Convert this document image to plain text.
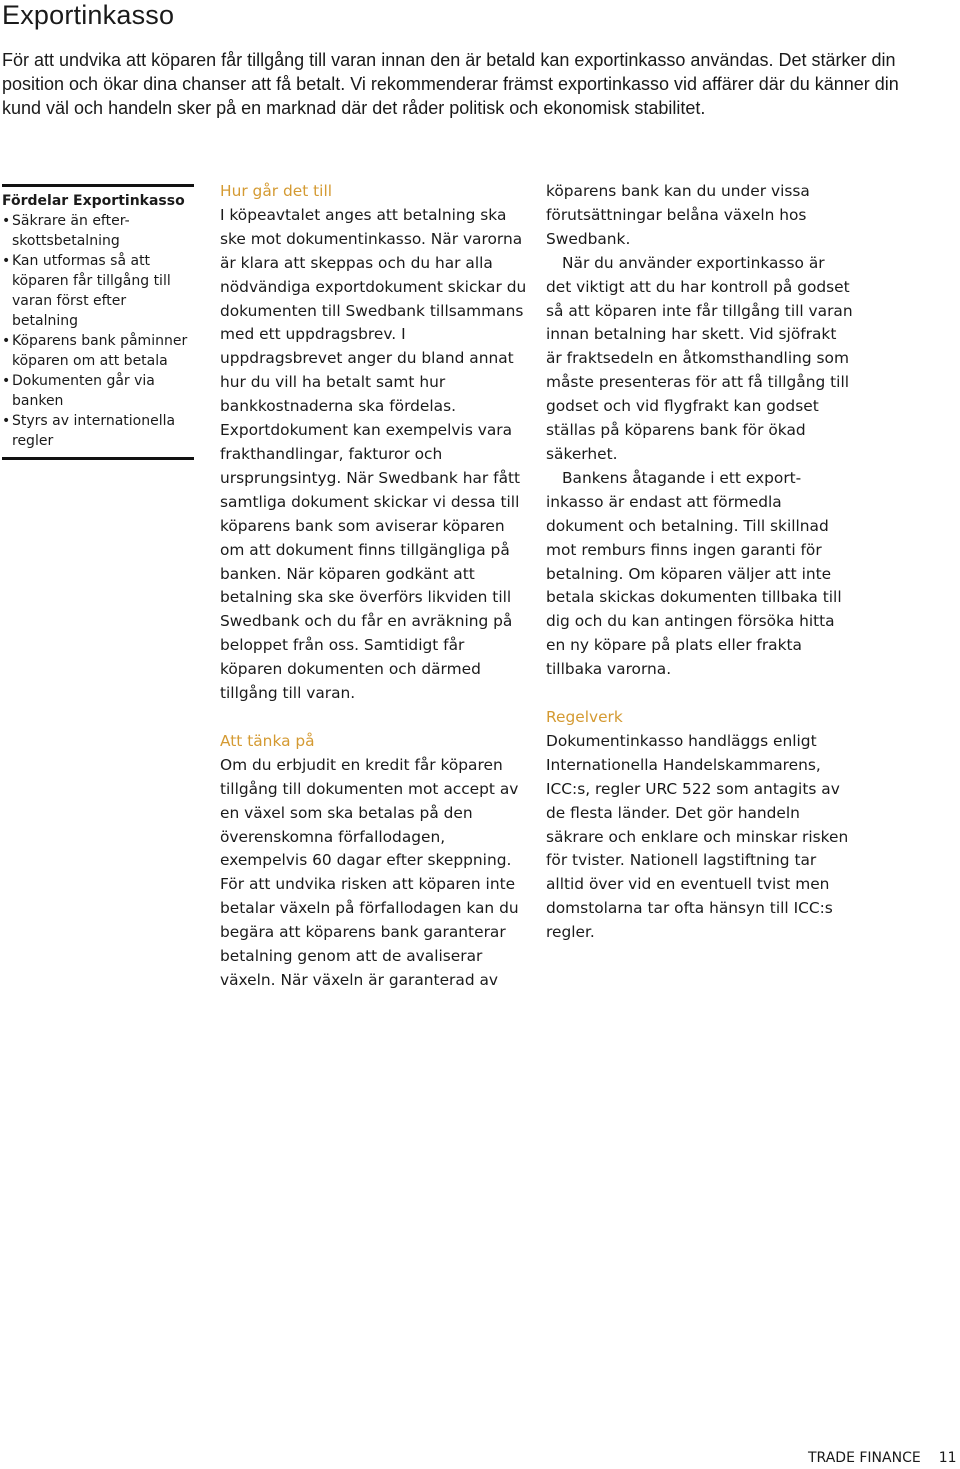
Exportinkasso
För att undvika att köparen får tillgång till varan innan den är betald kan exportinkasso användas. Det stärker din position och ökar dina chanser att få betalt. Vi rekommenderar främst exportinkasso vid affärer där du känner din kund väl och handeln sker på en marknad där det råder politisk och ekonomisk stabilitet.
Fördelar Exportinkasso
• Säkrare än efter-skottsbetalning
• Kan utformas så att köparen får tillgång till varan först efter betalning
• Köparens bank påminner köparen om att betala
• Dokumenten går via banken
• Styrs av internationella regler
Hur går det till

I köpeavtalet anges att betalning ska ske mot dokumentinkasso. När varorna är klara att skeppas och du har alla nödvändiga exportdokument skickar du dokumenten till Swedbank tillsammans med ett uppdragsbrev. I uppdragsbrevet anger du bland annat hur du vill ha betalt samt hur bankkostnaderna ska fördelas. Exportdokument kan exempelvis vara frakthandlingar, fakturor och ursprungsintyg. När Swedbank har fått samtliga dokument skickar vi dessa till köparens bank som aviserar köparen om att dokument finns tillgängliga på banken. När köparen godkänt att betalning ska ske överförs likviden till Swedbank och du får en avräkning på beloppet från oss. Samtidigt får köparen dokumenten och därmed tillgång till varan.

Att tänka på

Om du erbjudit en kredit får köparen tillgång till dokumenten mot accept av en växel som ska betalas på den överenskomna förfallodagen, exempelvis 60 dagar efter skeppning. För att undvika risken att köparen inte betalar växeln på förfallodagen kan du begära att köparens bank garanterar betalning genom att de avaliserar växeln. När växeln är garanterad av

köparens bank kan du under vissa förutsättningar belåna växeln hos Swedbank.

När du använder exportinkasso är det viktigt att du har kontroll på godset så att köparen inte får tillgång till varan innan betalning har skett. Vid sjöfrakt är fraktsedeln en åtkomsthandling som måste presenteras för att få tillgång till godset och vid flygfrakt kan godset ställas på köparens bank för ökad säkerhet.

Bankens åtagande i ett export-inkasso är endast att förmedla dokument och betalning. Till skillnad mot remburs finns ingen garanti för betalning. Om köparen väljer att inte betala skickas dokumenten tillbaka till dig och du kan antingen försöka hitta en ny köpare på plats eller frakta tillbaka varorna.

Regelverk

Dokumentinkasso handläggs enligt Internationella Handelskammarens, ICC:s, regler URC 522 som antagits av de flesta länder. Det gör handeln säkrare och enklare och minskar risken för tvister. Nationell lagstiftning tar alltid över vid en eventuell tvist men domstolarna tar ofta hänsyn till ICC:s regler.

TRADE FINANCE 11
